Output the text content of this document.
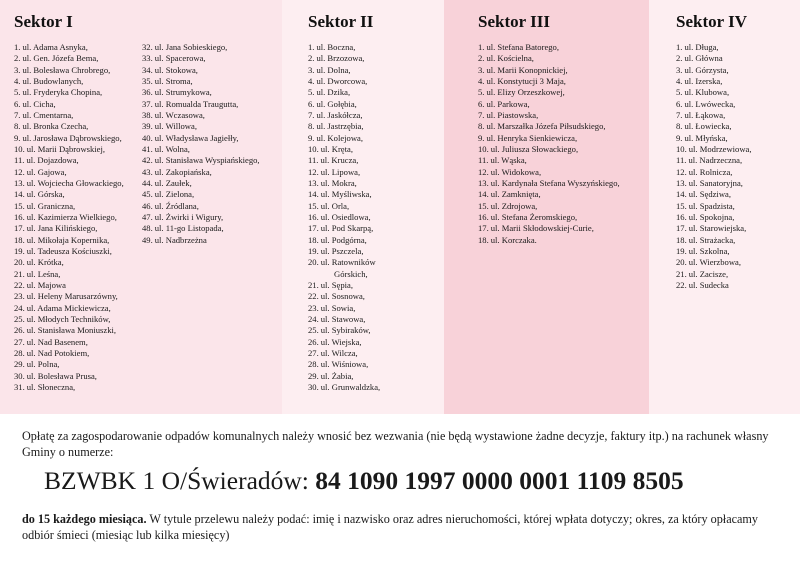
Sektor I
1. ul. Adama Asnyka,
2. ul. Gen. Józefa Bema,
3. ul. Bolesława Chrobrego,
4. ul. Budowlanych,
5. ul. Fryderyka Chopina,
6. ul. Cicha,
7. ul. Cmentarna,
8. ul. Bronka Czecha,
9. ul. Jarosława Dąbrowskiego,
10. ul. Marii Dąbrowskiej,
11. ul. Dojazdowa,
12. ul. Gajowa,
13. ul. Wojciecha Głowackiego,
14. ul. Górska,
15. ul. Graniczna,
16. ul. Kazimierza Wielkiego,
17. ul. Jana Kilińskiego,
18. ul. Mikołaja Kopernika,
19. ul. Tadeusza Kościuszki,
20. ul. Krótka,
21. ul. Leśna,
22. ul. Majowa
23. ul. Heleny Marusarzówny,
24. ul. Adama Mickiewicza,
25. ul. Młodych Techników,
26. ul. Stanisława Moniuszki,
27. ul. Nad Basenem,
28. ul. Nad Potokiem,
29. ul. Polna,
30. ul. Bolesława Prusa,
31. ul. Słoneczna,
32. ul. Jana Sobieskiego,
33. ul. Spacerowa,
34. ul. Stokowa,
35. ul. Stroma,
36. ul. Strumykowa,
37. ul. Romualda Traugutta,
38. ul. Wczasowa,
39. ul. Willowa,
40. ul. Władysława Jagiełły,
41. ul. Wolna,
42. ul. Stanisława Wyspiańskiego,
43. ul. Zakopiańska,
44. ul. Zaułek,
45. ul. Zielona,
46. ul. Źródlana,
47. ul. Żwirki i Wigury,
48. ul. 11-go Listopada,
49. ul. Nadbrzeżna
Sektor II
1. ul. Boczna,
2. ul. Brzozowa,
3. ul. Dolna,
4. ul. Dworcowa,
5. ul. Dzika,
6. ul. Gołębia,
7. ul. Jaskółcza,
8. ul. Jastrzębia,
9. ul. Kolejowa,
10. ul. Kręta,
11. ul. Krucza,
12. ul. Lipowa,
13. ul. Mokra,
14. ul. Myśliwska,
15. ul. Orla,
16. ul. Osiedlowa,
17. ul. Pod Skarpą,
18. ul. Podgórna,
19. ul. Pszczela,
20. ul. Ratowników
Górskich,
21. ul. Sępia,
22. ul. Sosnowa,
23. ul. Sowia,
24. ul. Stawowa,
25. ul. Sybiraków,
26. ul. Wiejska,
27. ul. Wilcza,
28. ul. Wiśniowa,
29. ul. Żabia,
30. ul. Grunwaldzka,
Sektor III
1. ul. Stefana Batorego,
2. ul. Kościelna,
3. ul. Marii Konopnickiej,
4. ul. Konstytucji 3 Maja,
5. ul. Elizy Orzeszkowej,
6. ul. Parkowa,
7. ul. Piastowska,
8. ul. Marszałka Józefa Piłsudskiego,
9. ul. Henryka Sienkiewicza,
10. ul. Juliusza Słowackiego,
11. ul. Wąska,
12. ul. Widokowa,
13. ul. Kardynała Stefana Wyszyńskiego,
14. ul. Zamknięta,
15. ul. Zdrojowa,
16. ul. Stefana Żeromskiego,
17. ul. Marii Skłodowskiej-Curie,
18. ul. Korczaka.
Sektor IV
1. ul. Długa,
2. ul. Główna
3. ul. Górzysta,
4. ul. Izerska,
5. ul. Klubowa,
6. ul. Lwówecka,
7. ul. Łąkowa,
8. ul. Łowiecka,
9. ul. Młyńska,
10. ul. Modrzewiowa,
11. ul. Nadrzeczna,
12. ul. Rolnicza,
13. ul. Sanatoryjna,
14. ul. Sędziwa,
15. ul. Spadzista,
16. ul. Spokojna,
17. ul. Starowiejska,
18. ul. Strażacka,
19. ul. Szkolna,
20. ul. Wierzbowa,
21. ul. Zacisze,
22. ul. Sudecka

Opłatę za zagospodarowanie odpadów komunalnych należy wnosić bez wezwania (nie będą wystawione żadne decyzje, faktury itp.) na rachunek własny Gminy o numerze:

do 15 każdego miesiąca. W tytule przelewu należy podać: imię i nazwisko oraz adres nieruchomości, której wpłata dotyczy; okres, za który opłacamy odbiór śmieci (miesiąc lub kilka miesięcy)

BZWBK 1 O/Świeradów: 84 1090 1997 0000 0001 1109 8505
